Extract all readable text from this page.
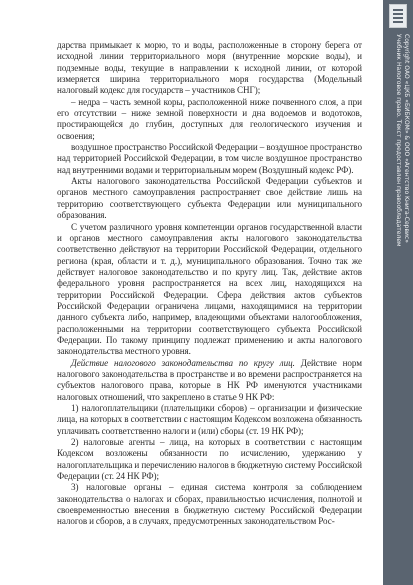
дарства примыкает к морю, то и воды, расположенные в сторону берега от исходной линии территориального моря (внутренние морские воды), и подземные воды, текущие в направлении к исходной линии, от которой измеряется ширина территориального моря государства (Модельный налоговый кодекс для государств – участников СНГ);

– недра – часть земной коры, расположенной ниже почвенного слоя, а при его отсутствии – ниже земной поверхности и дна водоемов и водотоков, простирающейся до глубин, доступных для геологического изучения и освоения;

воздушное пространство Российской Федерации – воздушное пространство над территорией Российской Федерации, в том числе воздушное пространство над внутренними водами и территориальным морем (Воздушный кодекс РФ).

Акты налогового законодательства Российской Федерации субъектов и органов местного самоуправления распространяет свое действие лишь на территорию соответствующего субъекта Федерации или муниципального образования.

С учетом различного уровня компетенции органов государственной власти и органов местного самоуправления акты налогового законодательства соответственно действуют на территории Российской Федерации, отдельного региона (края, области и т. д.), муниципального образования. Точно так же действует налоговое законодательство и по кругу лиц. Так, действие актов федерального уровня распространяется на всех лиц, находящихся на территории Российской Федерации. Сфера действия актов субъектов Российской Федерации ограничена лицами, находящимися на территории данного субъекта либо, например, владеющими объектами налогообложения, расположенными на территории соответствующего субъекта Российской Федерации. По такому принципу подлежат применению и акты налогового законодательства местного уровня.

Действие налогового законодательства по кругу лиц. Действие норм налогового законодательства в пространстве и во времени распространяется на субъектов налогового права, которые в НК РФ именуются участниками налоговых отношений, что закреплено в статье 9 НК РФ:

1) налогоплательщики (плательщики сборов) – организации и физические лица, на которых в соответствии с настоящим Кодексом возложена обязанность уплачивать соответственно налоги и (или) сборы (ст. 19 НК РФ);

2) налоговые агенты – лица, на которых в соответствии с настоящим Кодексом возложены обязанности по исчислению, удержанию у налогоплательщика и перечислению налогов в бюджетную систему Российской Федерации (ст. 24 НК РФ);

3) налоговые органы – единая система контроля за соблюдением законодательства о налогах и сборах, правильностью исчисления, полнотой и своевременностью внесения в бюджетную систему Российской Федерации налогов и сборов, а в случаях, предусмотренных законодательством Рос-

Copyright ОАО «ЦКБ «БИБКОМ» & ООО «Aгентство Kнига-Cервис»
Учебник Налоговое право. Текст предоставлен правообладателем
